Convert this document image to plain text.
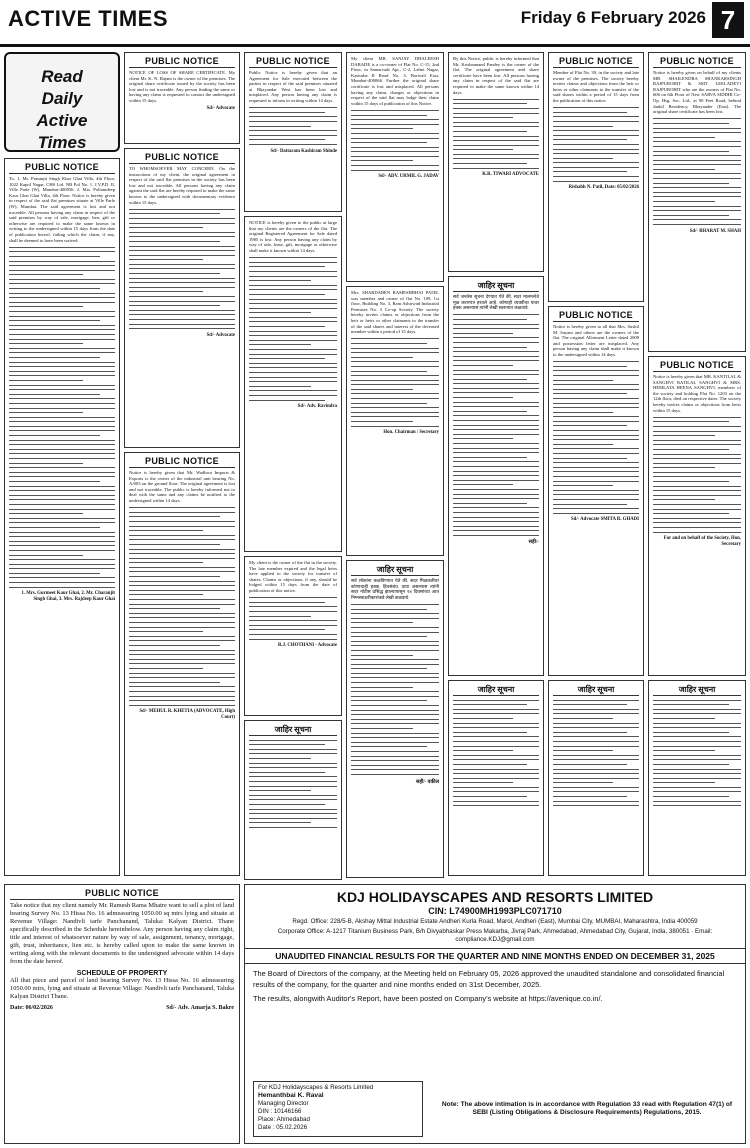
ACTIVE TIMES	Friday 6 February 2026 7
Read
Daily
Active
Times
PUBLIC NOTICE
To, 1. Mr. Prasanjit Singh Khar Ghai Villa, 4th Floor, 1022 Kapol Nagar, CHS Ltd. NB Pol No. 1, J.V.P.D. II, Ville Parle (W), Mumbai-400056. 2. Mrs. Pollamdeep Kaur Ghai Ghai Villa, 4th Floor. Notice is hereby given in respect of the said flat premises situate at Ville Parle (W), Mumbai. The said agreement is lost and not traceable. All persons having any claim in respect of the said premises by way of sale, mortgage, lien, gift or otherwise are required to make the same known in writing to the undersigned within 15 days from the date of publication hereof, failing which the claim, if any, shall be deemed to have been waived.
1. Mrs. Gurmeet Kaur Ghai, 2. Mr. Charanjit Singh Ghai, 3. Mrs. Rajdeep Kaur Ghai
PUBLIC NOTICE
NOTICE OF LOSS OF SHARE CERTIFICATE. My client Mr. K. N. Rajani is the owner of the premises. The original share certificate issued by the society has been lost and is not traceable. Any person finding the same or having any claim is requested to contact the undersigned within 15 days.
Sd/- Advocate
PUBLIC NOTICE
TO WHOMSOEVER MAY CONCERN. On the instructions of my client, the original agreement in respect of the said flat premises in the society has been lost and not traceable. All persons having any claim against the said flat are hereby required to make the same known to the undersigned with documentary evidence within 15 days.
Sd/- Advocate
PUBLIC NOTICE
Notice is hereby given that Mr. Wadhwa Imports & Exports is the owner of the industrial unit bearing No. A/003 on the ground floor. The original agreement is lost and not traceable. The public is hereby informed not to deal with the same and any claims be notified to the undersigned within 14 days.
Sd/- MEHUL R. KHETIA (ADVOCATE, High Court)
PUBLIC NOTICE
Public Notice is hereby given that an Agreement for Sale executed between the parties in respect of the said premises situated at Bhayandar West has been lost and misplaced. Any person having any claim is requested to inform in writing within 14 days.
Sd/- Dattaram Kashiram Shinde
NOTICE is hereby given to the public at large that my clients are the owners of the flat. The original Registered Agreement for Sale dated 1985 is lost. Any person having any claim by way of sale, lease, gift, mortgage or otherwise shall make it known within 14 days.
Sd/- Adv. Ravindra
My client is the owner of the flat in the society. The late member expired and the legal heirs have applied to the society for transfer of shares. Claims or objections, if any, should be lodged within 15 days from the date of publication of this notice.
R.J. CHOTHANI - Advocate
जाहिर सूचना
My client MR. SANJAY DHALEESH DABADE is a co-owner of Flat No. C-15, 2nd Floor, in Samarvadi Apt., C-2, Lalmi Nagar, Kasturba II Road No. 3, Borivali East, Mumbai-400066. Further the original share certificate is lost and misplaced. All persons having any claim, charges or objections in respect of the said flat may lodge their claim within 15 days of publication of this Notice.
Sd/- ADV. URMIL G. JADAV
Mrs. SHARDABEN RAMESHBHAI PATEL was member and owner of flat No. 109, 1st floor, Building No. 3, Ram Ashirwad Industrial Premises No. 3 Co-op Society. The society hereby invites claims or objections from the heir or heirs or other claimants to the transfer of the said shares and interest of the deceased member within a period of 15 days.
Hon. Chairman / Secretary
जाहिर सूचना
सर्व लोकांना कळविण्यात येते की, सदर मिळकतीवर कोणाचाही हक्क, हितसंबंध, दावा असल्यास त्यांनी सदर नोटीस प्रसिद्ध झाल्यापासून १४ दिवसांच्या आत निम्नस्वाक्षरीकारांकडे लेखी कळवावे.
सही/- वकील
By this Notice, public is hereby informed that Mr. Krishnanand Pandey is the owner of the flat. The original agreement and share certificate have been lost. All persons having any claim in respect of the said flat are required to make the same known within 14 days.
K.R. TIWARI ADVOCATE
जाहिर सूचना
सर्व जनतेस सूचना देण्यात येते की, सदर मालमत्तेचे मूळ करारपत्र हरवले आहे. कोणाही व्यक्तीचा यावर हक्क असल्यास त्यांनी लेखी स्वरूपात कळवावे.
सही/-
जाहिर सूचना
PUBLIC NOTICE
Member of Flat No. 39, in the society and late owner of the premises. The society hereby invites claims and objections from the heir or heirs or other claimants to the transfer of the said shares within a period of 15 days from the publication of this notice.
Rishabh N. Patil, Date: 05/02/2026
PUBLIC NOTICE
Notice is hereby given to all that Mrs. Sushil M. Sayani and others are the owners of the flat. The original Allotment Letter dated 2008 and possession letter are misplaced. Any person having any claim shall make it known to the undersigned within 14 days.
Sd/- Advocate SMITA R. GHADI
जाहिर सूचना
PUBLIC NOTICE
Notice is hereby given on behalf of my clients MR. SHAILENDRA SHANKARSINGH RAJPUROHIT & SMT. LEELADEVI RAJPUROHIT who are the owners of Flat No. 606 on 6th Floor of New SARVA SIDDHI Co-Op. Hsg. Soc. Ltd., at 90 Feet Road, behind Jankil Residency, Bhayander (East). The original share certificate has been lost.
Sd/- BHARAT M. SHAH
PUBLIC NOTICE
Notice is hereby given that MR. KANTILAL & SANGHVI RATILAL SANGHVI & MRS. HEMLATA HEENA SANGHVI, members of the society and holding Flat No. 1203 on the 12th floor, died on respective dates. The society hereby invites claims or objections from heirs within 15 days.
For and on behalf of the Society, Hon. Secretary
जाहिर सूचना
PUBLIC NOTICE
Take notice that my client namely Mr. Ramesh Rama Mhatre want to sell a plot of land bearing Survey No. 13 Hissa No. 16 admeasuring 1050.00 sq mtrs lying and situate at Revenue Village: Nandivli tarfe Panchanand, Taluka: Kalyan District. Thane specifically described in the Schedule hereinbelow. Any person having any claim right, title and interest of whatsoever nature by way of sale, assignment, tenancy, mortgage, gift, trust, inheritance, lien etc. is hereby called upon to make the same known in writing along with the relevant documents to the undersigned advocate within 14 days from the date hereof.
SCHEDULE OF PROPERTY
All that piece and parcel of land bearing Survey No. 13 Hissa No. 16 admeasuring 1050.00 mtrs, lying and situate at Revenue Village: Nandivli tarfe Panchanand, Taluka Kalyan District Thane.
Date: 06/02/2026	Sd/- Adv. Amarja S. Bakre
KDJ HOLIDAYSCAPES AND RESORTS LIMITED
CIN: L74900MH1993PLC071710
Regd. Office: 228/5-B, Akshay Mittal Industrial Estate Andheri Kurla Road, Marol, Andheri (East), Mumbai City, MUMBAI, Maharashtra, India 400059
Corporate Office: A-1217 Titanium Business Park, B/h Divyabhaskar Press Makarba, Jivraj Park, Ahmedabad, Ahmedabad City, Gujarat, India, 380051 · Email: compliance.KDJ@gmail.com
UNAUDITED FINANCIAL RESULTS FOR THE QUARTER AND NINE MONTHS ENDED ON DECEMBER 31, 2025
The Board of Directors of the company, at the Meeting held on February 05, 2026 approved the unaudited standalone and consolidated financial results of the company, for the quarter and nine months ended on 31st December, 2025.
The results, alongwith Auditor's Report, have been posted on Company's website at https://avenique.co.in/.
For KDJ Holidayscapes & Resorts Limited
Hemanthbai K. Raval
Managing Director
DIN : 10146166
Place: Ahmedabad
Date : 05.02.2026
Note: The above intimation is in accordance with Regulation 33 read with Regulation 47(1) of SEBI (Listing Obligations & Disclosure Requirements) Regulations, 2015.
